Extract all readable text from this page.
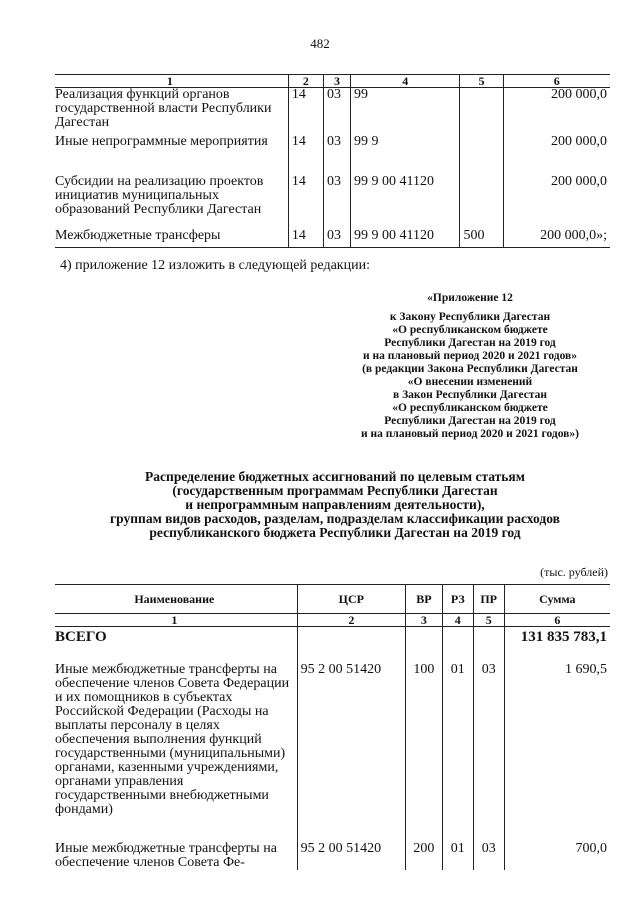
482
1	2	3	4	5	6
Реализация функций органов государственной власти Республики Дагестан	14	03	99		200 000,0
Иные непрограммные мероприятия	14	03	99 9		200 000,0
Субсидии на реализацию проектов инициатив муниципальных образований Республики Дагестан	14	03	99 9 00 41120		200 000,0
Межбюджетные трансферы	14	03	99 9 00 41120	500	200 000,0»;
4) приложение 12 изложить в следующей редакции:
«Приложение 12
к Закону Республики Дагестан
«О республиканском бюджете
Республики Дагестан на 2019 год
и на плановый период 2020 и 2021 годов»
(в редакции Закона Республики Дагестан
«О внесении изменений
в Закон Республики Дагестан
«О республиканском бюджете
Республики Дагестан на 2019 год
и на плановый период 2020 и 2021 годов»)
Распределение бюджетных ассигнований по целевым статьям
(государственным программам Республики Дагестан
и непрограммным направлениям деятельности),
группам видов расходов, разделам, подразделам классификации расходов
республиканского бюджета Республики Дагестан на 2019 год
(тыс. рублей)
Наименование	ЦСР	ВР	РЗ	ПР	Сумма
1	2	3	4	5	6
ВСЕГО					131 835 783,1
Иные межбюджетные трансферты на обеспечение членов Совета Федерации и их помощников в субъектах Российской Федерации (Расходы на выплаты персоналу в целях обеспечения выполнения функций государственными (муниципальными) органами, казенными учреждениями, органами управления государственными внебюджетными фондами)	95 2 00 51420	100	01	03	1 690,5
Иные межбюджетные трансферты на обеспечение членов Совета Фе-	95 2 00 51420	200	01	03	700,0
